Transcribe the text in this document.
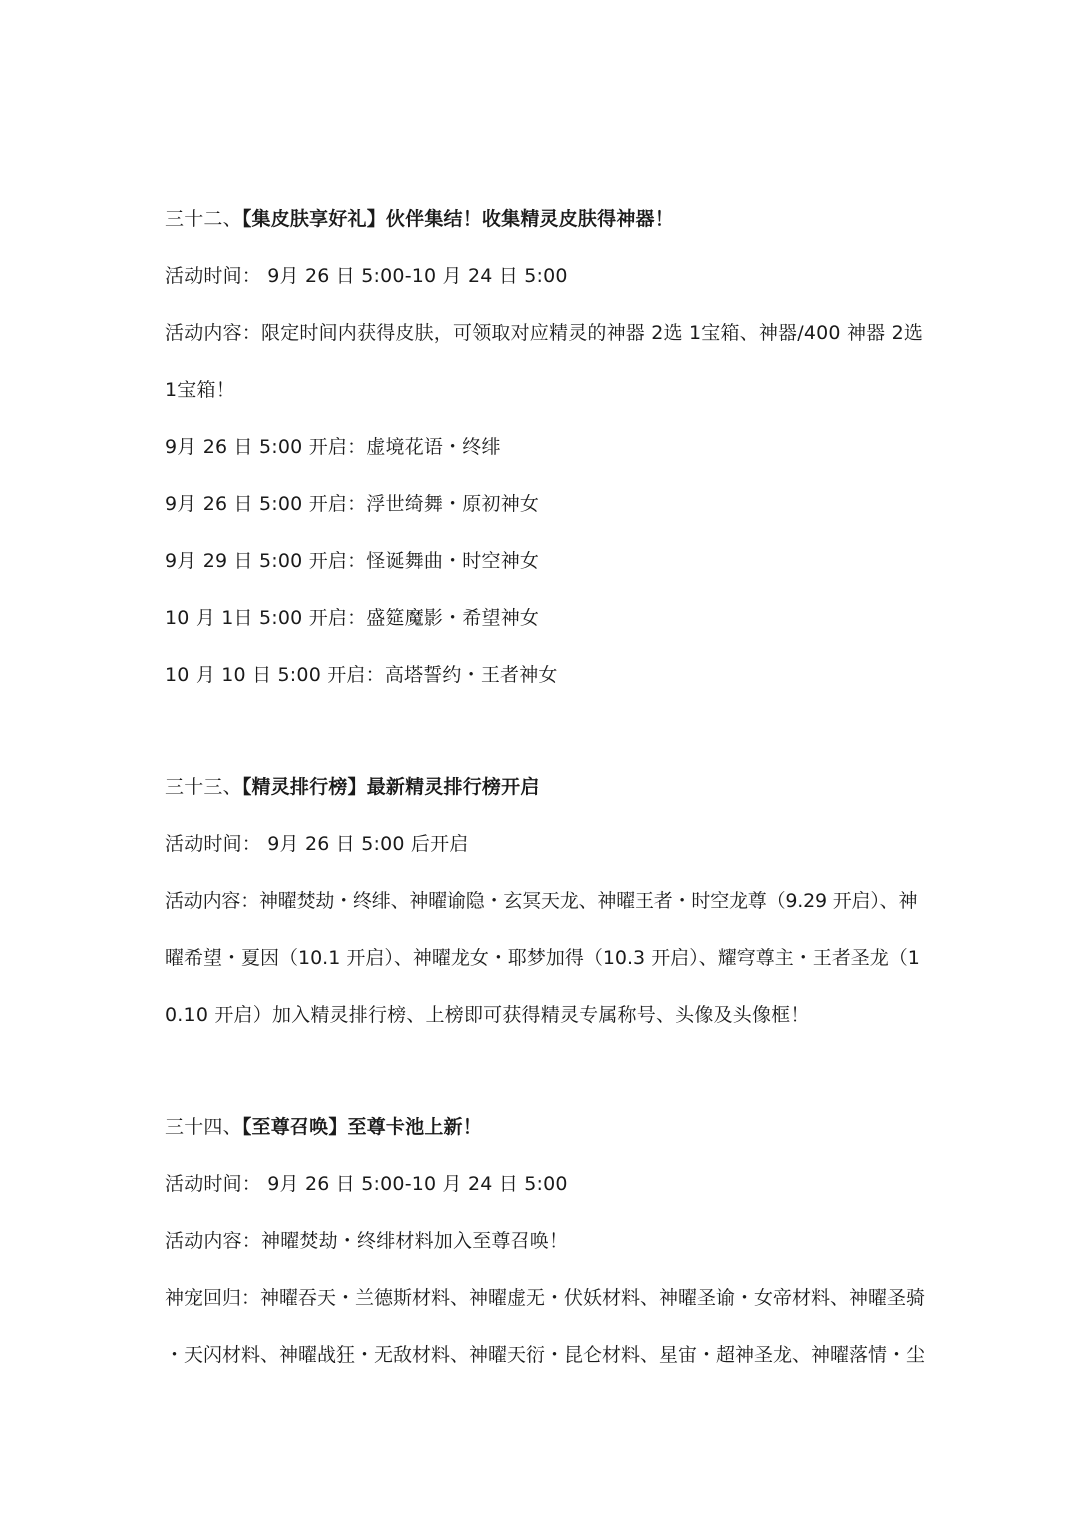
三十二、【集皮肤享好礼】伙伴集结！收集精灵皮肤得神器！
活动时间： 9月 26 日 5:00-10 月 24 日 5:00
活动内容：限定时间内获得皮肤，可领取对应精灵的神器 2选 1宝箱、神器/400 神器 2选
1宝箱！
9月 26 日 5:00 开启：虚境花语・终绯
9月 26 日 5:00 开启：浮世绮舞・原初神女
9月 29 日 5:00 开启：怪诞舞曲・时空神女
10 月 1日 5:00 开启：盛筵魔影・希望神女
10 月 10 日 5:00 开启：高塔誓约・王者神女
三十三、【精灵排行榜】最新精灵排行榜开启
活动时间： 9月 26 日 5:00 后开启
活动内容：神曜焚劫・终绯、神曜谕隐・玄冥天龙、神曜王者・时空龙尊（9.29 开启）、神
曜希望・夏因（10.1 开启）、神曜龙女・耶梦加得（10.3 开启）、耀穹尊主・王者圣龙（1
0.10 开启）加入精灵排行榜、上榜即可获得精灵专属称号、头像及头像框！
三十四、【至尊召唤】至尊卡池上新！
活动时间： 9月 26 日 5:00-10 月 24 日 5:00
活动内容：神曜焚劫・终绯材料加入至尊召唤！
神宠回归：神曜吞天・兰德斯材料、神曜虚无・伏妖材料、神曜圣谕・女帝材料、神曜圣骑
・天闪材料、神曜战狂・无敌材料、神曜天衍・昆仑材料、星宙・超神圣龙、神曜落情・尘
